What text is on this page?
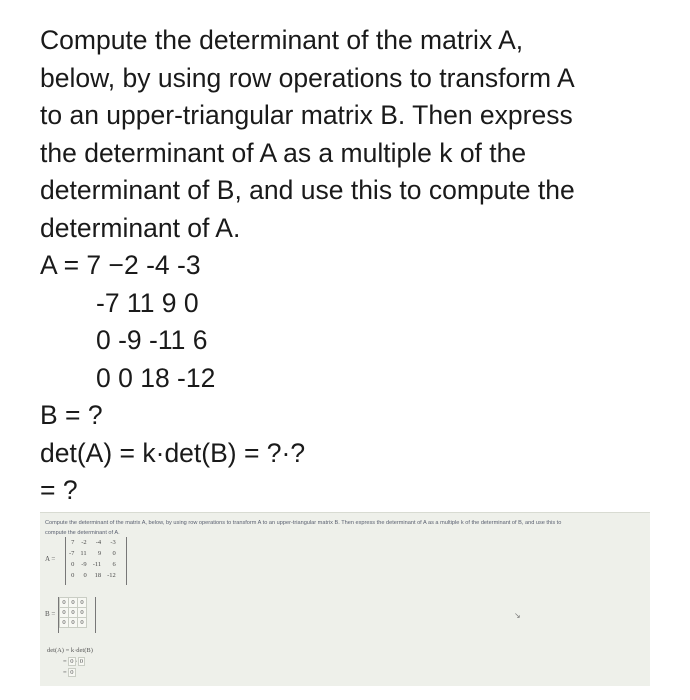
Compute the determinant of the matrix A,

below, by using row operations to transform A

to an upper-triangular matrix B. Then express

the determinant of A as a multiple k of the

determinant of B, and use this to compute the

determinant of A.

A = 7 −2 -4 -3

-7 11 9 0

0 -9 -11 6

0 0 18 -12

B = ?

det(A) = k·det(B) = ?·?

= ?

Compute the determinant of the matrix A, below, by using row operations to transform A to an upper-triangular matrix B. Then express the determinant of A as a multiple k of the determinant of B, and use this to
compute the determinant of A.
A =
7	-2	-4	-3
-7	11	9	0
0	-9	-11	6
0	0	18	-12
B =
0	0	0
0	0	0
0	0	0
det(A) = k·det(B)
= 0 · 0
= 0
↘
